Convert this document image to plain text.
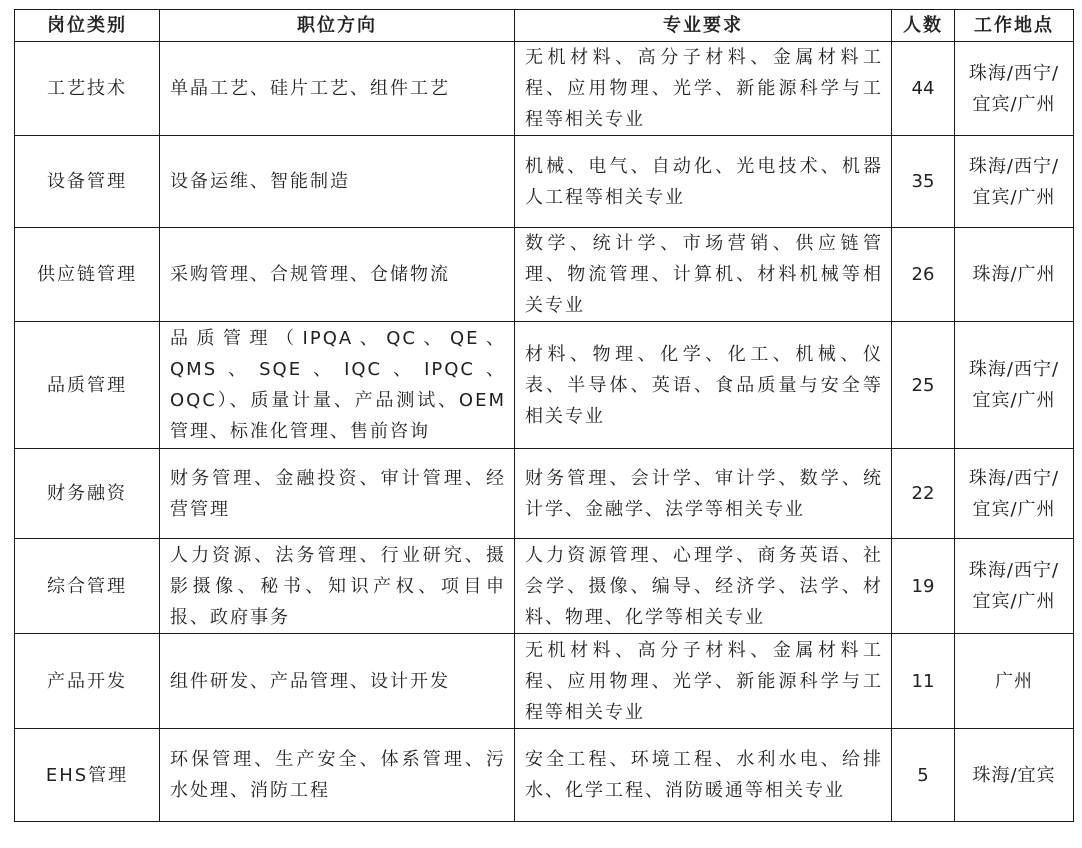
岗位类别	职位方向	专业要求	人数	工作地点
工艺技术	单晶工艺、硅片工艺、组件工艺	无机材料、高分子材料、金属材料工程、应用物理、光学、新能源科学与工程等相关专业	44	珠海/西宁/宜宾/广州
设备管理	设备运维、智能制造	机械、电气、自动化、光电技术、机器人工程等相关专业	35	珠海/西宁/宜宾/广州
供应链管理	采购管理、合规管理、仓储物流	数学、统计学、市场营销、供应链管理、物流管理、计算机、材料机械等相关专业	26	珠海/广州
品质管理	品质管理（IPQA、QC、QE、QMS、SQE、IQC、IPQC、OQC）、质量计量、产品测试、OEM管理、标准化管理、售前咨询	材料、物理、化学、化工、机械、仪表、半导体、英语、食品质量与安全等相关专业	25	珠海/西宁/宜宾/广州
财务融资	财务管理、金融投资、审计管理、经营管理	财务管理、会计学、审计学、数学、统计学、金融学、法学等相关专业	22	珠海/西宁/宜宾/广州
综合管理	人力资源、法务管理、行业研究、摄影摄像、秘书、知识产权、项目申报、政府事务	人力资源管理、心理学、商务英语、社会学、摄像、编导、经济学、法学、材料、物理、化学等相关专业	19	珠海/西宁/宜宾/广州
产品开发	组件研发、产品管理、设计开发	无机材料、高分子材料、金属材料工程、应用物理、光学、新能源科学与工程等相关专业	11	广州
EHS管理	环保管理、生产安全、体系管理、污水处理、消防工程	安全工程、环境工程、水利水电、给排水、化学工程、消防暖通等相关专业	5	珠海/宜宾
